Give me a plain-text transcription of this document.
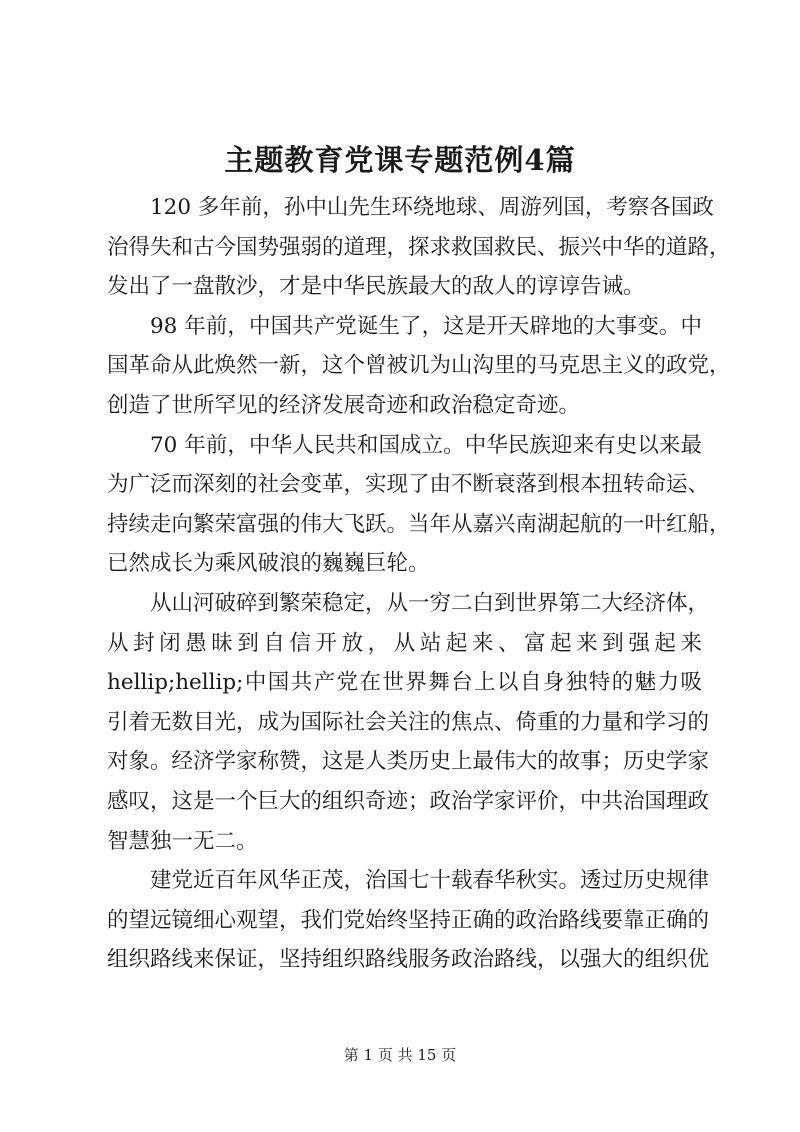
主题教育党课专题范例4篇
120 多年前，孙中山先生环绕地球、周游列国，考察各国政
治得失和古今国势强弱的道理，探求救国救民、振兴中华的道路，
发出了一盘散沙，才是中华民族最大的敌人的谆谆告诫。
98 年前，中国共产党诞生了，这是开天辟地的大事变。中
国革命从此焕然一新，这个曾被讥为山沟里的马克思主义的政党，
创造了世所罕见的经济发展奇迹和政治稳定奇迹。
70 年前，中华人民共和国成立。中华民族迎来有史以来最
为广泛而深刻的社会变革，实现了由不断衰落到根本扭转命运、
持续走向繁荣富强的伟大飞跃。当年从嘉兴南湖起航的一叶红船，
已然成长为乘风破浪的巍巍巨轮。
从山河破碎到繁荣稳定，从一穷二白到世界第二大经济体，
从封闭愚昧到自信开放，从站起来、富起来到强起来
hellip;hellip;中国共产党在世界舞台上以自身独特的魅力吸
引着无数目光，成为国际社会关注的焦点、倚重的力量和学习的
对象。经济学家称赞，这是人类历史上最伟大的故事；历史学家
感叹，这是一个巨大的组织奇迹；政治学家评价，中共治国理政
智慧独一无二。
建党近百年风华正茂，治国七十载春华秋实。透过历史规律
的望远镜细心观望，我们党始终坚持正确的政治路线要靠正确的
组织路线来保证，坚持组织路线服务政治路线，以强大的组织优
第 1 页 共 15 页
